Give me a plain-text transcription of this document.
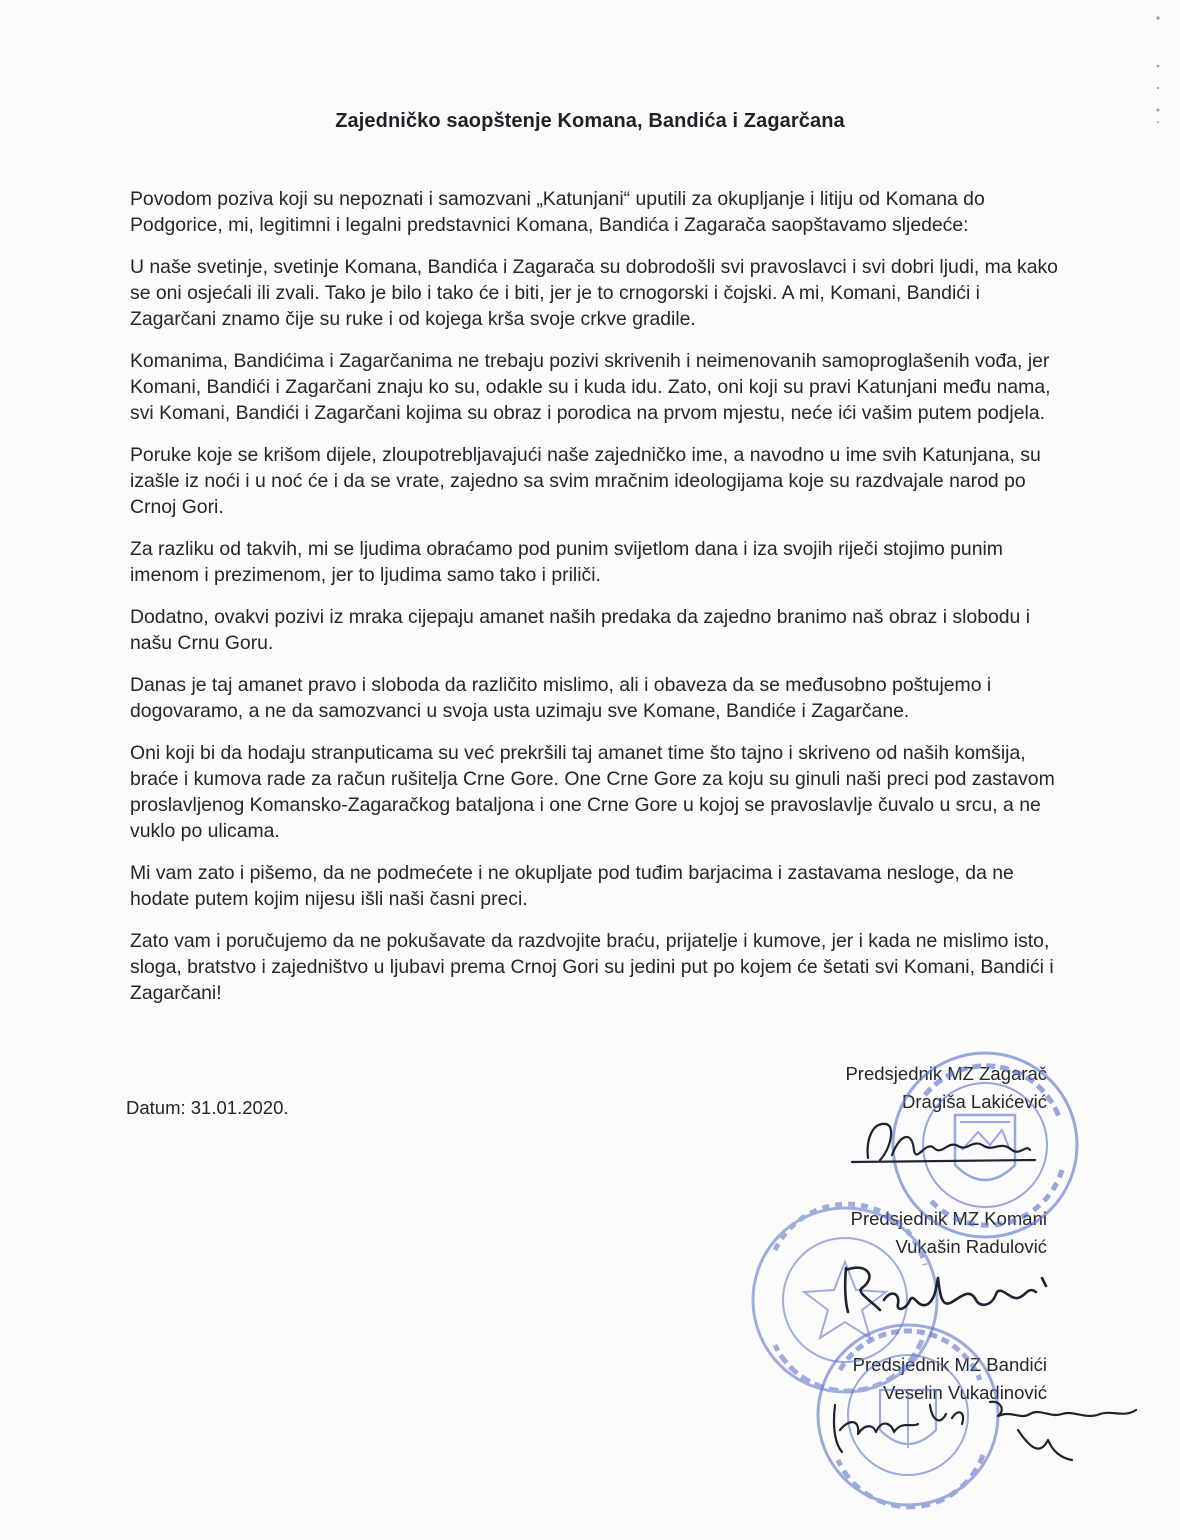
Zajedničko saopštenje Komana, Bandića i Zagarčana

Povodom poziva koji su nepoznati i samozvani „Katunjani“ uputili za okupljanje i litiju od Komana do Podgorice, mi, legitimni i legalni predstavnici Komana, Bandića i Zagarača saopštavamo sljedeće:

U naše svetinje, svetinje Komana, Bandića i Zagarača su dobrodošli svi pravoslavci i svi dobri ljudi, ma kako se oni osjećali ili zvali. Tako je bilo i tako će i biti, jer je to crnogorski i čojski. A mi, Komani, Bandići i Zagarčani znamo čije su ruke i od kojega krša svoje crkve gradile.

Komanima, Bandićima i Zagarčanima ne trebaju pozivi skrivenih i neimenovanih samoproglašenih vođa, jer Komani, Bandići i Zagarčani znaju ko su, odakle su i kuda idu. Zato, oni koji su pravi Katunjani među nama, svi Komani, Bandići i Zagarčani kojima su obraz i porodica na prvom mjestu, neće ići vašim putem podjela.

Poruke koje se krišom dijele, zloupotrebljavajući naše zajedničko ime, a navodno u ime svih Katunjana, su izašle iz noći i u noć će i da se vrate, zajedno sa svim mračnim ideologijama koje su razdvajale narod po Crnoj Gori.

Za razliku od takvih, mi se ljudima obraćamo pod punim svijetlom dana i iza svojih riječi stojimo punim imenom i prezimenom, jer to ljudima samo tako i priliči.

Dodatno, ovakvi pozivi iz mraka cijepaju amanet naših predaka da zajedno branimo naš obraz i slobodu i našu Crnu Goru.

Danas je taj amanet pravo i sloboda da različito mislimo, ali i obaveza da se međusobno poštujemo i dogovaramo, a ne da samozvanci u svoja usta uzimaju sve Komane, Bandiće i Zagarčane.

Oni koji bi da hodaju stranputicama su već prekršili taj amanet time što tajno i skriveno od naših komšija, braće i kumova rade za račun rušitelja Crne Gore. One Crne Gore za koju su ginuli naši preci pod zastavom proslavljenog Komansko-Zagaračkog bataljona i one Crne Gore u kojoj se pravoslavlje čuvalo u srcu, a ne vuklo po ulicama.

Mi vam zato i pišemo, da ne podmećete i ne okupljate pod tuđim barjacima i zastavama nesloge, da ne hodate putem kojim nijesu išli naši časni preci.

Zato vam i poručujemo da ne pokušavate da razdvojite braću, prijatelje i kumove, jer i kada ne mislimo isto, sloga, bratstvo i zajedništvo u ljubavi prema Crnoj Gori su jedini put po kojem će šetati svi Komani, Bandići i Zagarčani!

Datum: 31.01.2020.
Predsjednik MZ Zagarač
Dragiša Lakićević
Predsjednik MZ Komani
Vukašin Radulović
Predsjednik MZ Bandići
Veselin Vukadinović
